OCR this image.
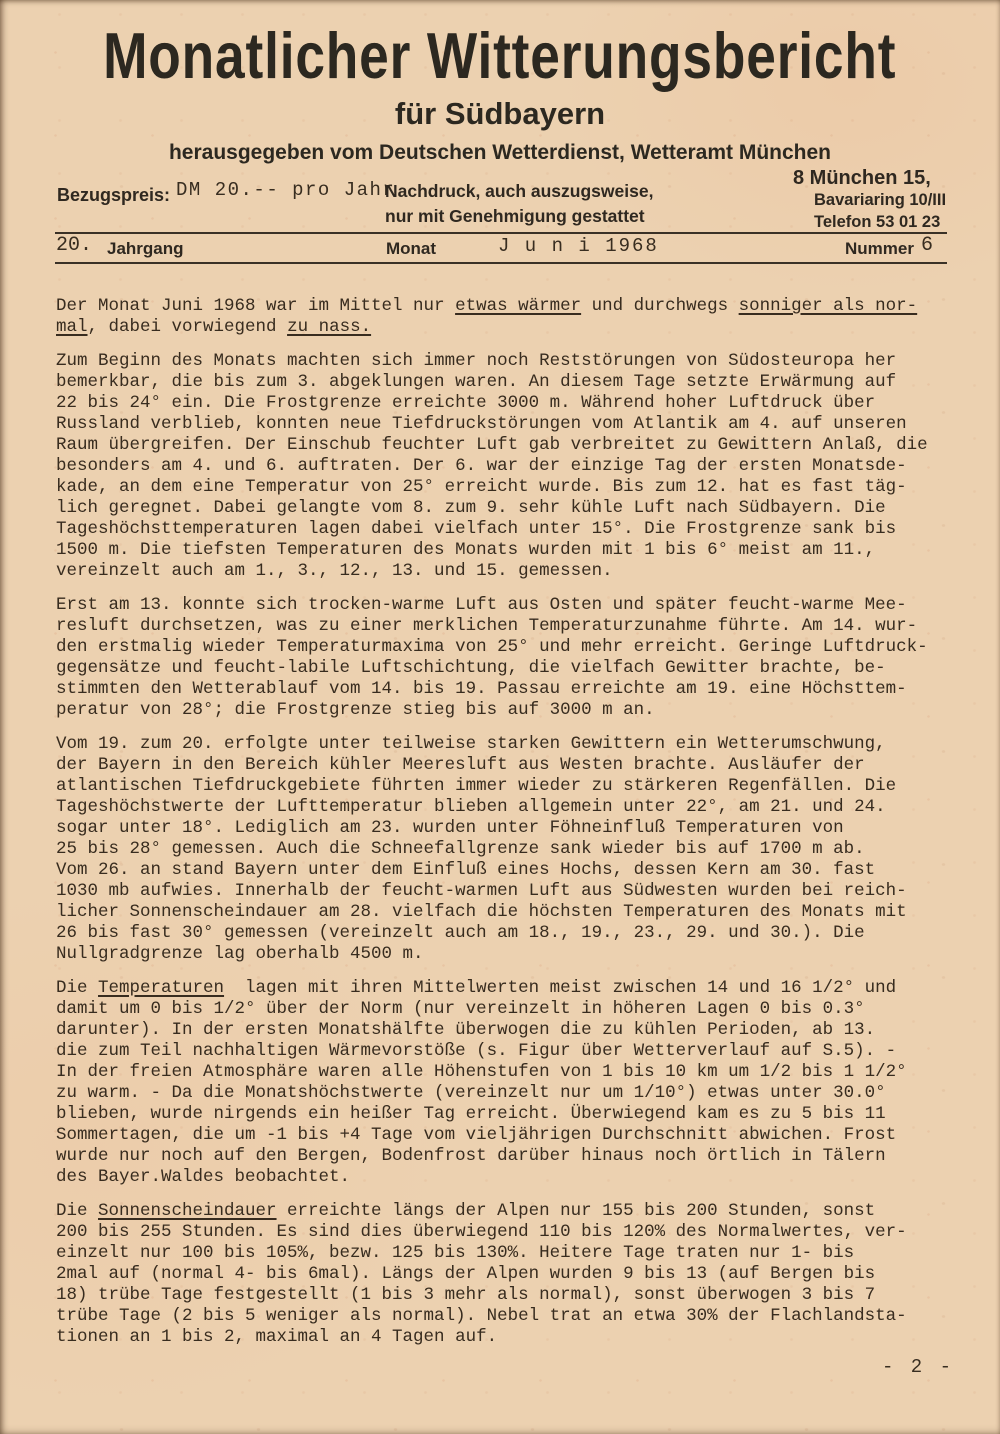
Monatlicher Witterungsbericht
für Südbayern
herausgegeben vom Deutschen Wetterdienst, Wetteramt München
Bezugspreis: DM 20.-- pro Jahr
Nachdruck, auch auszugsweise,
nur mit Genehmigung gestattet
8 München 15,
Bavariaring 10/III
Telefon 53 01 23
20. Jahrgang	Monat	J u n i 1968	Nummer 6
Der Monat Juni 1968 war im Mittel nur etwas wärmer und durchwegs sonniger als nor-
mal, dabei vorwiegend zu nass.
Zum Beginn des Monats machten sich immer noch Reststörungen von Südosteuropa her
bemerkbar, die bis zum 3. abgeklungen waren. An diesem Tage setzte Erwärmung auf
22 bis 24° ein. Die Frostgrenze erreichte 3000 m. Während hoher Luftdruck über
Russland verblieb, konnten neue Tiefdruckstörungen vom Atlantik am 4. auf unseren
Raum übergreifen. Der Einschub feuchter Luft gab verbreitet zu Gewittern Anlaß, die
besonders am 4. und 6. auftraten. Der 6. war der einzige Tag der ersten Monatsde-
kade, an dem eine Temperatur von 25° erreicht wurde. Bis zum 12. hat es fast täg-
lich geregnet. Dabei gelangte vom 8. zum 9. sehr kühle Luft nach Südbayern. Die
Tageshöchsttemperaturen lagen dabei vielfach unter 15°. Die Frostgrenze sank bis
1500 m. Die tiefsten Temperaturen des Monats wurden mit 1 bis 6° meist am 11.,
vereinzelt auch am 1., 3., 12., 13. und 15. gemessen.
Erst am 13. konnte sich trocken-warme Luft aus Osten und später feucht-warme Mee-
resluft durchsetzen, was zu einer merklichen Temperaturzunahme führte. Am 14. wur-
den erstmalig wieder Temperaturmaxima von 25° und mehr erreicht. Geringe Luftdruck-
gegensätze und feucht-labile Luftschichtung, die vielfach Gewitter brachte, be-
stimmten den Wetterablauf vom 14. bis 19. Passau erreichte am 19. eine Höchsttem-
peratur von 28°; die Frostgrenze stieg bis auf 3000 m an.
Vom 19. zum 20. erfolgte unter teilweise starken Gewittern ein Wetterumschwung,
der Bayern in den Bereich kühler Meeresluft aus Westen brachte. Ausläufer der
atlantischen Tiefdruckgebiete führten immer wieder zu stärkeren Regenfällen. Die
Tageshöchstwerte der Lufttemperatur blieben allgemein unter 22°, am 21. und 24.
sogar unter 18°. Lediglich am 23. wurden unter Föhneinfluß Temperaturen von
25 bis 28° gemessen. Auch die Schneefallgrenze sank wieder bis auf 1700 m ab.
Vom 26. an stand Bayern unter dem Einfluß eines Hochs, dessen Kern am 30. fast
1030 mb aufwies. Innerhalb der feucht-warmen Luft aus Südwesten wurden bei reich-
licher Sonnenscheindauer am 28. vielfach die höchsten Temperaturen des Monats mit
26 bis fast 30° gemessen (vereinzelt auch am 18., 19., 23., 29. und 30.). Die
Nullgradgrenze lag oberhalb 4500 m.
Die Temperaturen  lagen mit ihren Mittelwerten meist zwischen 14 und 16 1/2° und
damit um 0 bis 1/2° über der Norm (nur vereinzelt in höheren Lagen 0 bis 0.3°
darunter). In der ersten Monatshälfte überwogen die zu kühlen Perioden, ab 13.
die zum Teil nachhaltigen Wärmevorstöße (s. Figur über Wetterverlauf auf S.5). -
In der freien Atmosphäre waren alle Höhenstufen von 1 bis 10 km um 1/2 bis 1 1/2°
zu warm. - Da die Monatshöchstwerte (vereinzelt nur um 1/10°) etwas unter 30.0°
blieben, wurde nirgends ein heißer Tag erreicht. Überwiegend kam es zu 5 bis 11
Sommertagen, die um -1 bis +4 Tage vom vieljährigen Durchschnitt abwichen. Frost
wurde nur noch auf den Bergen, Bodenfrost darüber hinaus noch örtlich in Tälern
des Bayer.Waldes beobachtet.
Die Sonnenscheindauer erreichte längs der Alpen nur 155 bis 200 Stunden, sonst
200 bis 255 Stunden. Es sind dies überwiegend 110 bis 120% des Normalwertes, ver-
einzelt nur 100 bis 105%, bezw. 125 bis 130%. Heitere Tage traten nur 1- bis
2mal auf (normal 4- bis 6mal). Längs der Alpen wurden 9 bis 13 (auf Bergen bis
18) trübe Tage festgestellt (1 bis 3 mehr als normal), sonst überwogen 3 bis 7
trübe Tage (2 bis 5 weniger als normal). Nebel trat an etwa 30% der Flachlandsta-
tionen an 1 bis 2, maximal an 4 Tagen auf.
- 2 -
